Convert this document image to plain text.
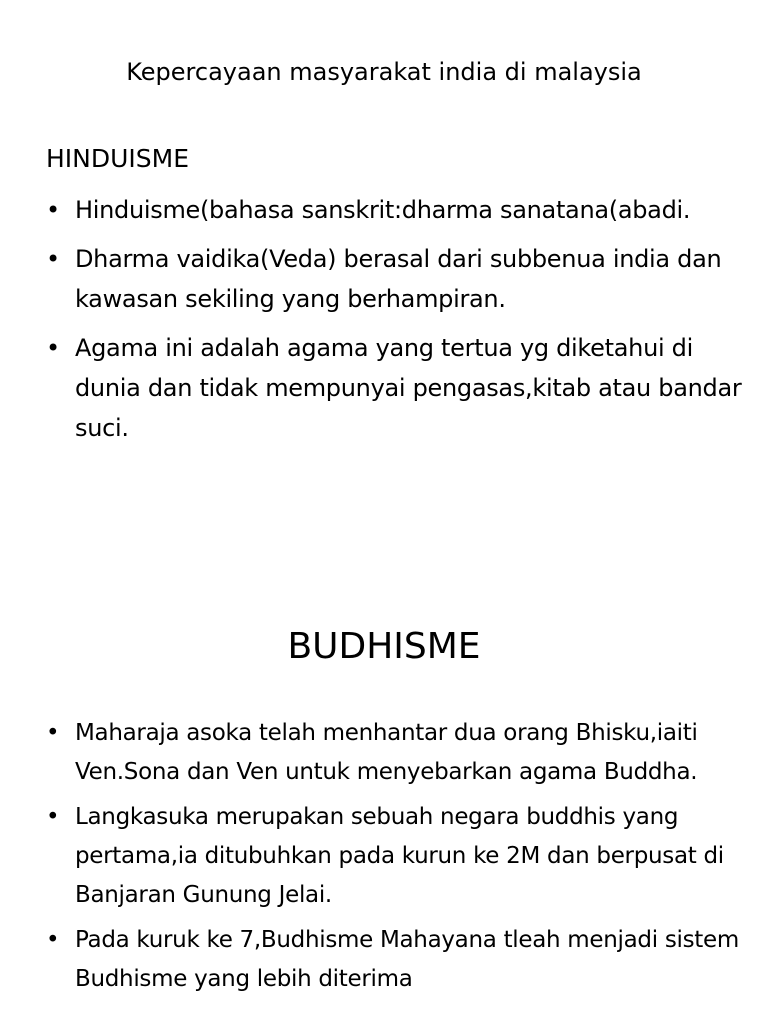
Kepercayaan masyarakat india di malaysia
HINDUISME
• Hinduisme(bahasa sanskrit:dharma sanatana(abadi.
• Dharma vaidika(Veda) berasal dari subbenua india dan kawasan sekiling yang berhampiran.
• Agama ini adalah agama yang tertua yg diketahui di dunia dan tidak mempunyai pengasas,kitab atau bandar suci.
BUDHISME
• Maharaja asoka telah menhantar dua orang Bhisku,iaiti Ven.Sona dan Ven untuk menyebarkan agama Buddha.
• Langkasuka merupakan sebuah negara buddhis yang pertama,ia ditubuhkan pada kurun ke 2M dan berpusat di Banjaran Gunung Jelai.
• Pada kuruk ke 7,Budhisme Mahayana tleah menjadi sistem Budhisme yang lebih diterima
